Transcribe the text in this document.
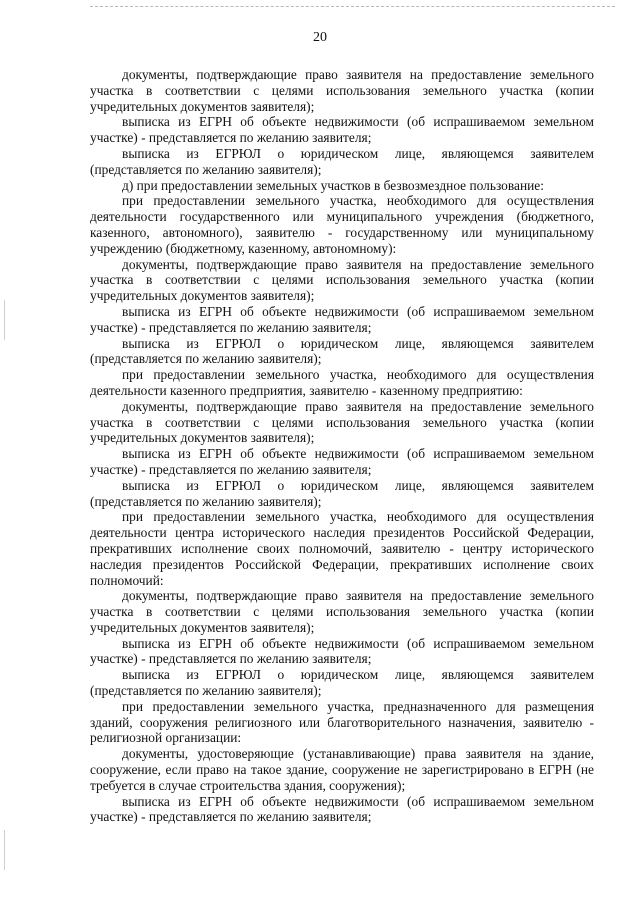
20

документы, подтверждающие право заявителя на предоставление земельного участка в соответствии с целями использования земельного участка (копии учредительных документов заявителя);

выписка из ЕГРН об объекте недвижимости (об испрашиваемом земельном участке) - представляется по желанию заявителя;

выписка из ЕГРЮЛ о юридическом лице, являющемся заявителем (представляется по желанию заявителя);

д) при предоставлении земельных участков в безвозмездное пользование:

при предоставлении земельного участка, необходимого для осуществления деятельности государственного или муниципального учреждения (бюджетного, казенного, автономного), заявителю - государственному или муниципальному учреждению (бюджетному, казенному, автономному):

документы, подтверждающие право заявителя на предоставление земельного участка в соответствии с целями использования земельного участка (копии учредительных документов заявителя);

выписка из ЕГРН об объекте недвижимости (об испрашиваемом земельном участке) - представляется по желанию заявителя;

выписка из ЕГРЮЛ о юридическом лице, являющемся заявителем (представляется по желанию заявителя);

при предоставлении земельного участка, необходимого для осуществления деятельности казенного предприятия, заявителю - казенному предприятию:

документы, подтверждающие право заявителя на предоставление земельного участка в соответствии с целями использования земельного участка (копии учредительных документов заявителя);

выписка из ЕГРН об объекте недвижимости (об испрашиваемом земельном участке) - представляется по желанию заявителя;

выписка из ЕГРЮЛ о юридическом лице, являющемся заявителем (представляется по желанию заявителя);

при предоставлении земельного участка, необходимого для осуществления деятельности центра исторического наследия президентов Российской Федерации, прекративших исполнение своих полномочий, заявителю - центру исторического наследия президентов Российской Федерации, прекративших исполнение своих полномочий:

документы, подтверждающие право заявителя на предоставление земельного участка в соответствии с целями использования земельного участка (копии учредительных документов заявителя);

выписка из ЕГРН об объекте недвижимости (об испрашиваемом земельном участке) - представляется по желанию заявителя;

выписка из ЕГРЮЛ о юридическом лице, являющемся заявителем (представляется по желанию заявителя);

при предоставлении земельного участка, предназначенного для размещения зданий, сооружения религиозного или благотворительного назначения, заявителю - религиозной организации:

документы, удостоверяющие (устанавливающие) права заявителя на здание, сооружение, если право на такое здание, сооружение не зарегистрировано в ЕГРН (не требуется в случае строительства здания, сооружения);

выписка из ЕГРН об объекте недвижимости (об испрашиваемом земельном участке) - представляется по желанию заявителя;
